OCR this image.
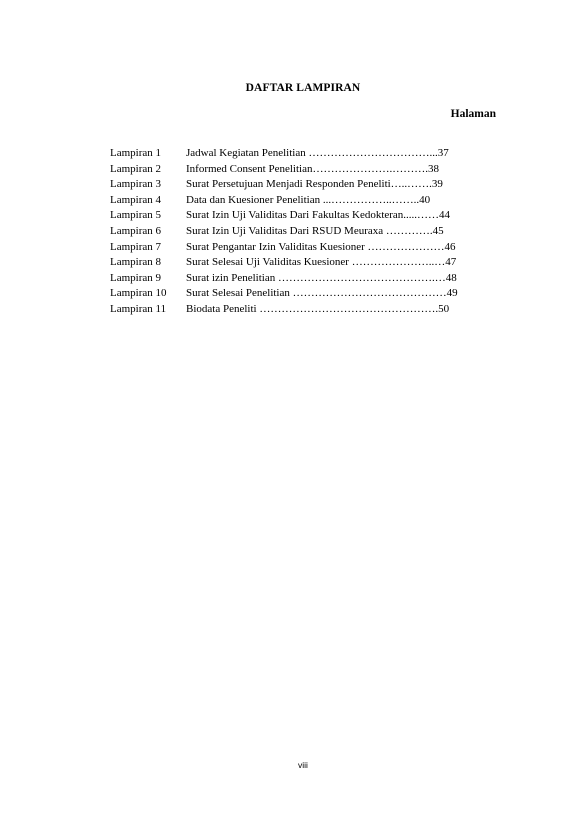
DAFTAR LAMPIRAN
Halaman
Lampiran 1	Jadwal Kegiatan Penelitian ……………………………...37
Lampiran 2	Informed Consent Penelitian………………….……….38
Lampiran 3	Surat Persetujuan Menjadi Responden Peneliti…..…….39
Lampiran 4	Data dan Kuesioner Penelitian ...……………..……..40
Lampiran 5	Surat Izin Uji Validitas Dari Fakultas Kedokteran.....……44
Lampiran 6	Surat Izin Uji Validitas Dari RSUD Meuraxa ………….45
Lampiran 7	Surat Pengantar Izin Validitas Kuesioner …………………46
Lampiran 8	Surat Selesai Uji Validitas Kuesioner …………………..…47
Lampiran 9	Surat izin Penelitian …………………………………….…48
Lampiran 10	Surat Selesai Penelitian ……………………………………49
Lampiran 11	Biodata Peneliti ………………………………………….50
viii
